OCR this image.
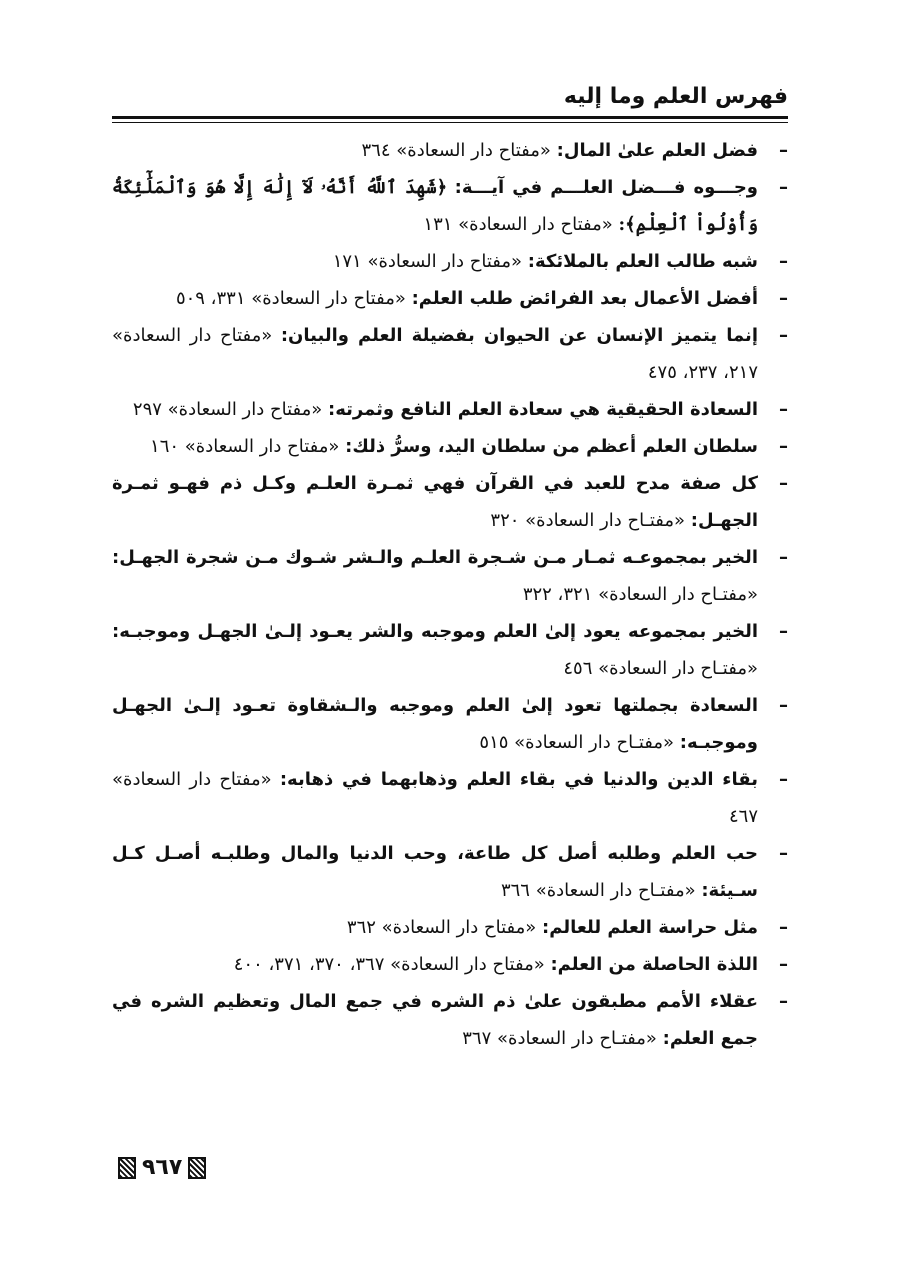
فهرس العلم وما إليه
–
فضل العلم علىٰ المال: «مفتاح دار السعادة» ٣٦٤
–
وجـــوه فـــضل العلـــم في آيـــة: ﴿شَهِدَ ٱللَّهُ أَنَّهُۥ لَآ إِلَٰهَ إِلَّا هُوَ وَٱلْمَلَٰٓئِكَةُ وَأُوْلُواْ ٱلْعِلْمِ﴾: «مفتاح دار السعادة» ١٣١
–
شبه طالب العلم بالملائكة: «مفتاح دار السعادة» ١٧١
–
أفضل الأعمال بعد الفرائض طلب العلم: «مفتاح دار السعادة» ٣٣١، ٥٠٩
–
إنما يتميز الإنسان عن الحيوان بفضيلة العلم والبيان: «مفتاح دار السعادة» ٢١٧، ٢٣٧، ٤٧٥
–
السعادة الحقيقية هي سعادة العلم النافع وثمرته: «مفتاح دار السعادة» ٢٩٧
–
سلطان العلم أعظم من سلطان اليد، وسرُّ ذلك: «مفتاح دار السعادة» ١٦٠
–
كل صفة مدح للعبد في القرآن فهي ثمـرة العلـم وكـل ذم فهـو ثمـرة الجهـل: «مفتـاح دار السعادة» ٣٢٠
–
الخير بمجموعـه ثمـار مـن شـجرة العلـم والـشر شـوك مـن شجرة الجهـل: «مفتـاح دار السعادة» ٣٢١، ٣٢٢
–
الخير بمجموعه يعود إلىٰ العلم وموجبه والشر يعـود إلـىٰ الجهـل وموجبـه: «مفتـاح دار السعادة» ٤٥٦
–
السعادة بجملتها تعود إلىٰ العلم وموجبه والـشقاوة تعـود إلـىٰ الجهـل وموجبـه: «مفتـاح دار السعادة» ٥١٥
–
بقاء الدين والدنيا في بقاء العلم وذهابهما في ذهابه: «مفتاح دار السعادة» ٤٦٧
–
حب العلم وطلبه أصل كل طاعة، وحب الدنيا والمال وطلبـه أصـل كـل سـيئة: «مفتـاح دار السعادة» ٣٦٦
–
مثل حراسة العلم للعالم: «مفتاح دار السعادة» ٣٦٢
–
اللذة الحاصلة من العلم: «مفتاح دار السعادة» ٣٦٧، ٣٧٠، ٣٧١، ٤٠٠
–
عقلاء الأمم مطبقون علىٰ ذم الشره في جمع المال وتعظيم الشره في جمع العلم: «مفتـاح دار السعادة» ٣٦٧
٩٦٧
